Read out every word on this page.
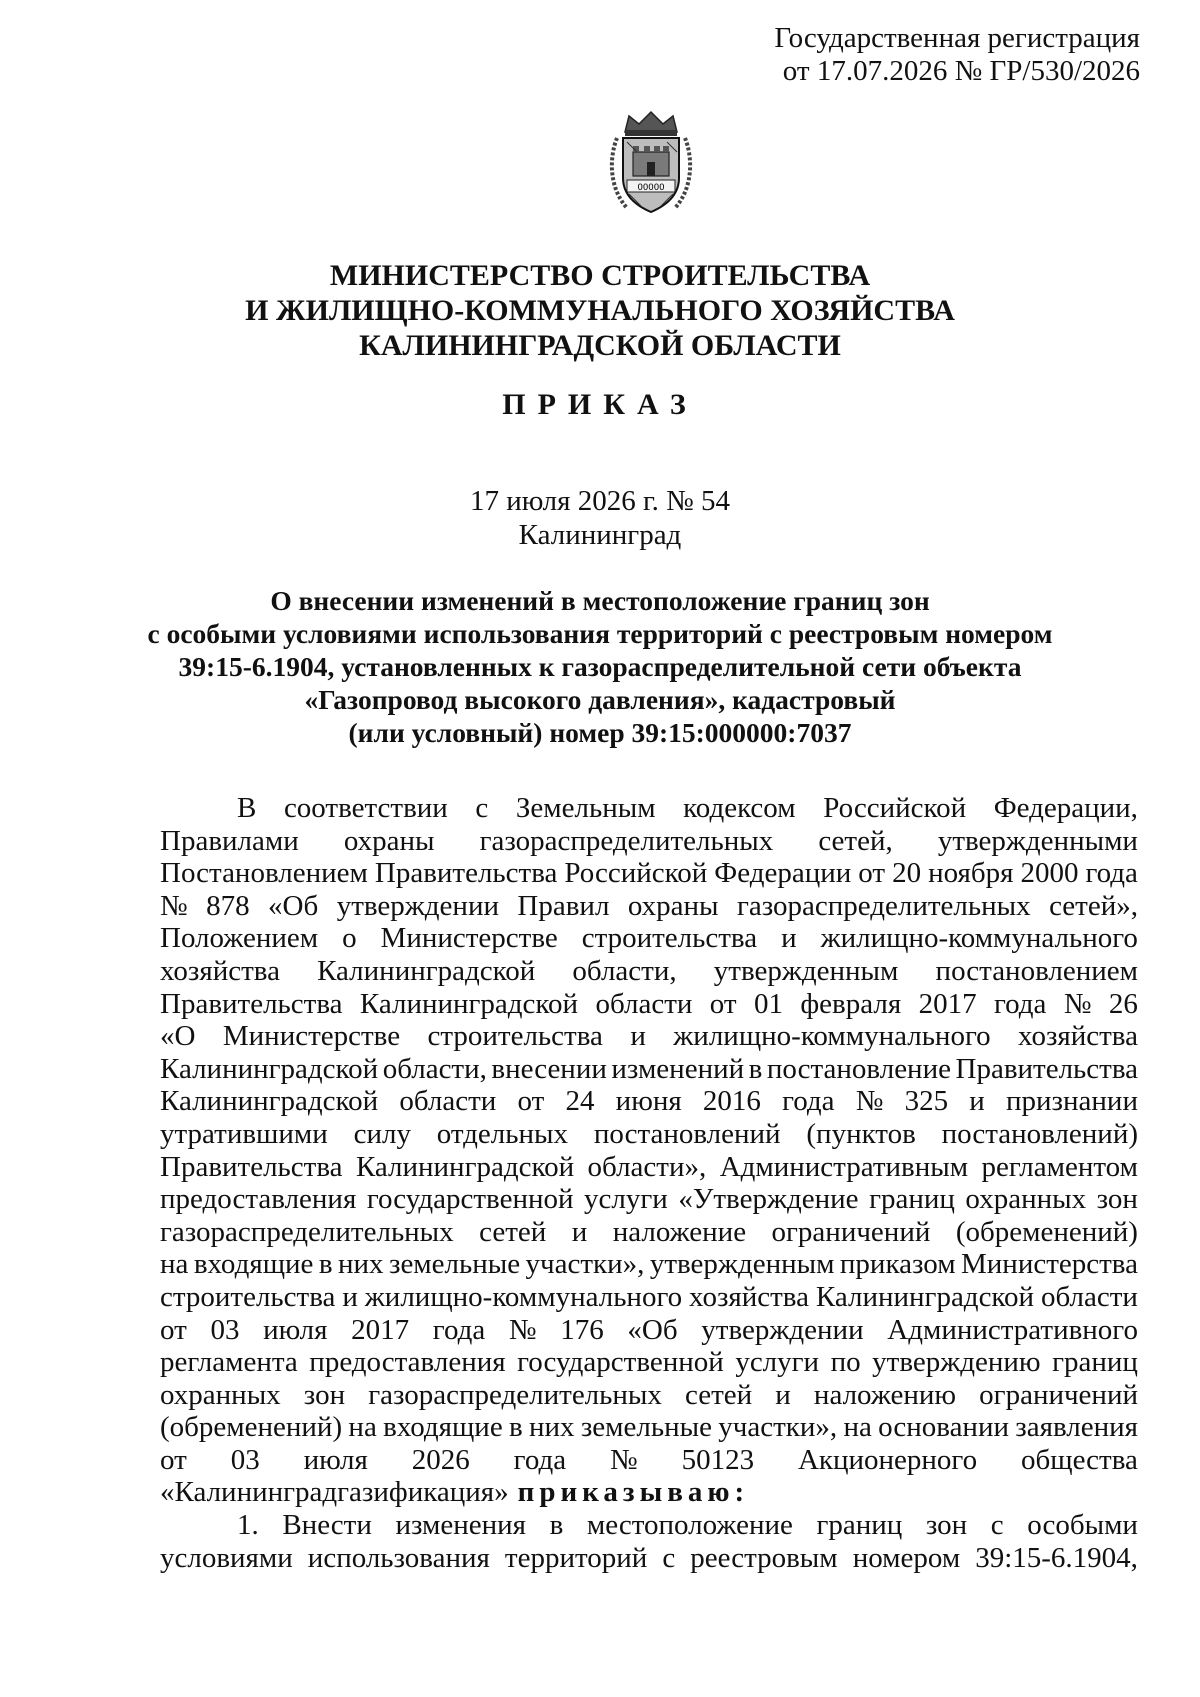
Государственная регистрация
от 17.07.2026 № ГР/530/2026
ООООО
МИНИСТЕРСТВО СТРОИТЕЛЬСТВА
И ЖИЛИЩНО-КОММУНАЛЬНОГО ХОЗЯЙСТВА
КАЛИНИНГРАДСКОЙ ОБЛАСТИ
ПРИКАЗ
17 июля 2026 г. № 54
Калининград
О внесении изменений в местоположение границ зон
с особыми условиями использования территорий с реестровым номером
39:15-6.1904, установленных к газораспределительной сети объекта
«Газопровод высокого давления», кадастровый
(или условный) номер 39:15:000000:7037
В соответствии с Земельным кодексом Российской Федерации,
Правилами охраны газораспределительных сетей, утвержденными
Постановлением Правительства Российской Федерации от 20 ноября 2000 года
№ 878 «Об утверждении Правил охраны газораспределительных сетей»,
Положением о Министерстве строительства и жилищно-коммунального
хозяйства Калининградской области, утвержденным постановлением
Правительства Калининградской области от 01 февраля 2017 года № 26
«О Министерстве строительства и жилищно-коммунального хозяйства
Калининградской области, внесении изменений в постановление Правительства
Калининградской области от 24 июня 2016 года № 325 и признании
утратившими силу отдельных постановлений (пунктов постановлений)
Правительства Калининградской области», Административным регламентом
предоставления государственной услуги «Утверждение границ охранных зон
газораспределительных сетей и наложение ограничений (обременений)
на входящие в них земельные участки», утвержденным приказом Министерства
строительства и жилищно-коммунального хозяйства Калининградской области
от 03 июля 2017 года № 176 «Об утверждении Административного
регламента предоставления государственной услуги по утверждению границ
охранных зон газораспределительных сетей и наложению ограничений
(обременений) на входящие в них земельные участки», на основании заявления
от 03 июля 2026 года № 50123 Акционерного общества
«Калининградгазификация» приказываю:
1. Внести изменения в местоположение границ зон с особыми
условиями использования территорий с реестровым номером 39:15-6.1904,
